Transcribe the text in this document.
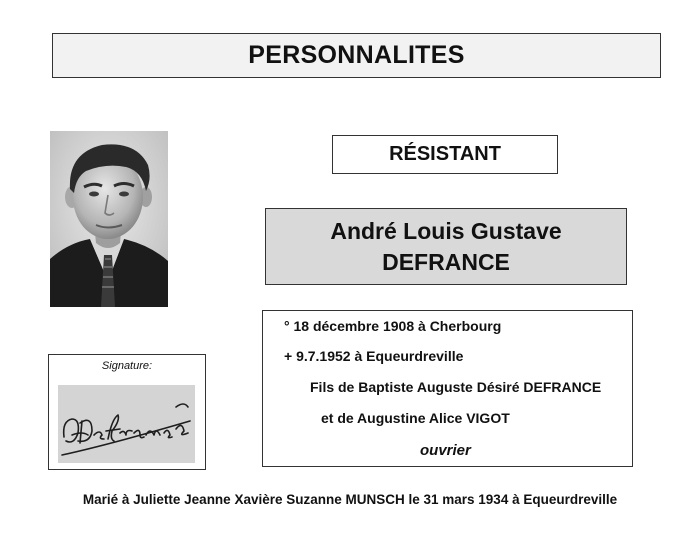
PERSONNALITES
RÉSISTANT
André Louis Gustave
DEFRANCE
° 18 décembre 1908 à Cherbourg
+ 9.7.1952 à Equeurdreville
Fils de Baptiste Auguste Désiré DEFRANCE
et de Augustine Alice VIGOT
ouvrier
Signature:
Marié à Juliette Jeanne Xavière Suzanne MUNSCH le 31 mars 1934 à Equeurdreville
